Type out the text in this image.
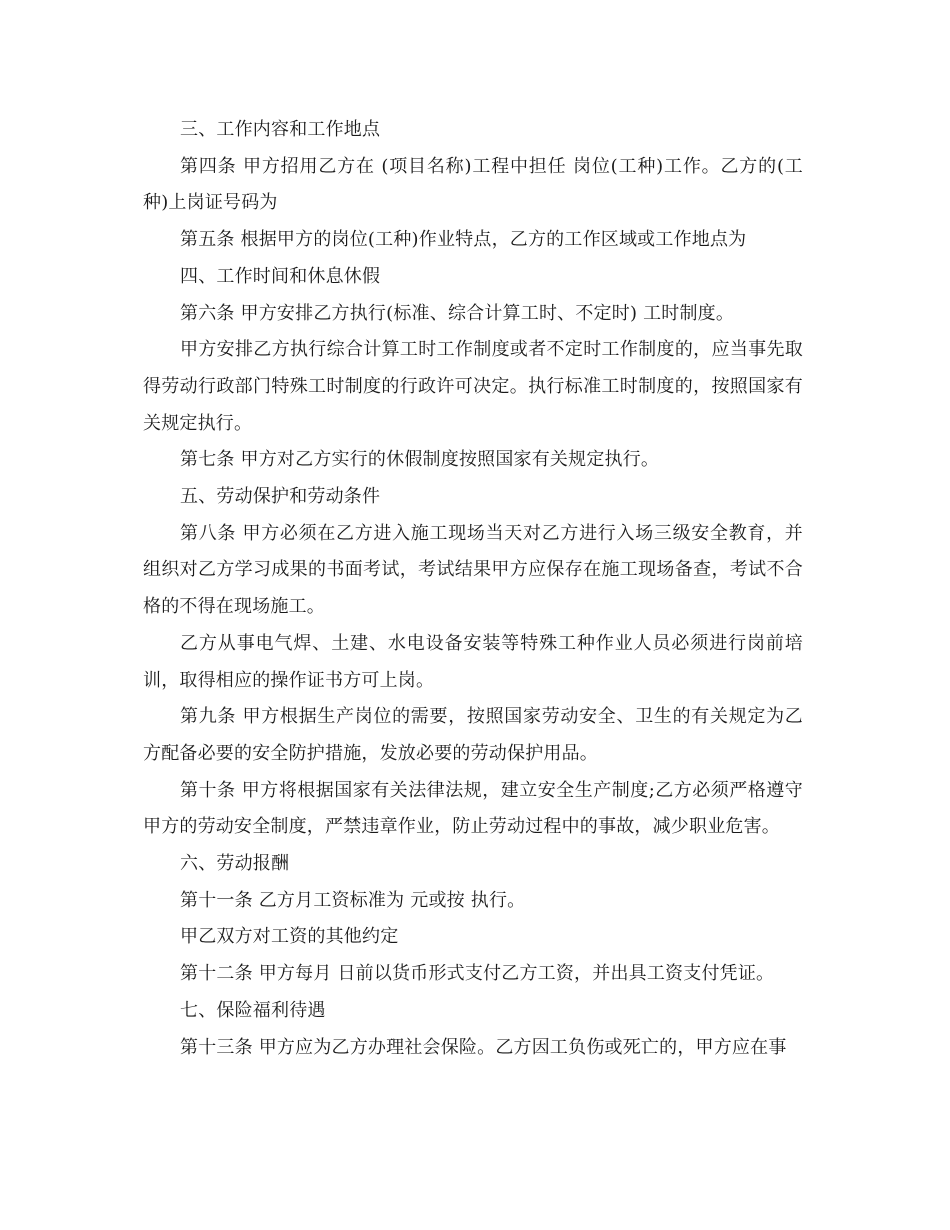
三、工作内容和工作地点

第四条 甲方招用乙方在 (项目名称)工程中担任 岗位(工种)工作。乙方的(工种)上岗证号码为

第五条 根据甲方的岗位(工种)作业特点，乙方的工作区域或工作地点为

四、工作时间和休息休假

第六条 甲方安排乙方执行(标准、综合计算工时、不定时) 工时制度。

甲方安排乙方执行综合计算工时工作制度或者不定时工作制度的，应当事先取得劳动行政部门特殊工时制度的行政许可决定。执行标准工时制度的，按照国家有关规定执行。

第七条 甲方对乙方实行的休假制度按照国家有关规定执行。

五、劳动保护和劳动条件

第八条 甲方必须在乙方进入施工现场当天对乙方进行入场三级安全教育，并组织对乙方学习成果的书面考试，考试结果甲方应保存在施工现场备查，考试不合格的不得在现场施工。

乙方从事电气焊、土建、水电设备安装等特殊工种作业人员必须进行岗前培训，取得相应的操作证书方可上岗。

第九条 甲方根据生产岗位的需要，按照国家劳动安全、卫生的有关规定为乙方配备必要的安全防护措施，发放必要的劳动保护用品。

第十条 甲方将根据国家有关法律法规，建立安全生产制度;乙方必须严格遵守甲方的劳动安全制度，严禁违章作业，防止劳动过程中的事故，减少职业危害。

六、劳动报酬

第十一条 乙方月工资标准为 元或按 执行。

甲乙双方对工资的其他约定

第十二条 甲方每月 日前以货币形式支付乙方工资，并出具工资支付凭证。

七、保险福利待遇

第十三条 甲方应为乙方办理社会保险。乙方因工负伤或死亡的，甲方应在事
